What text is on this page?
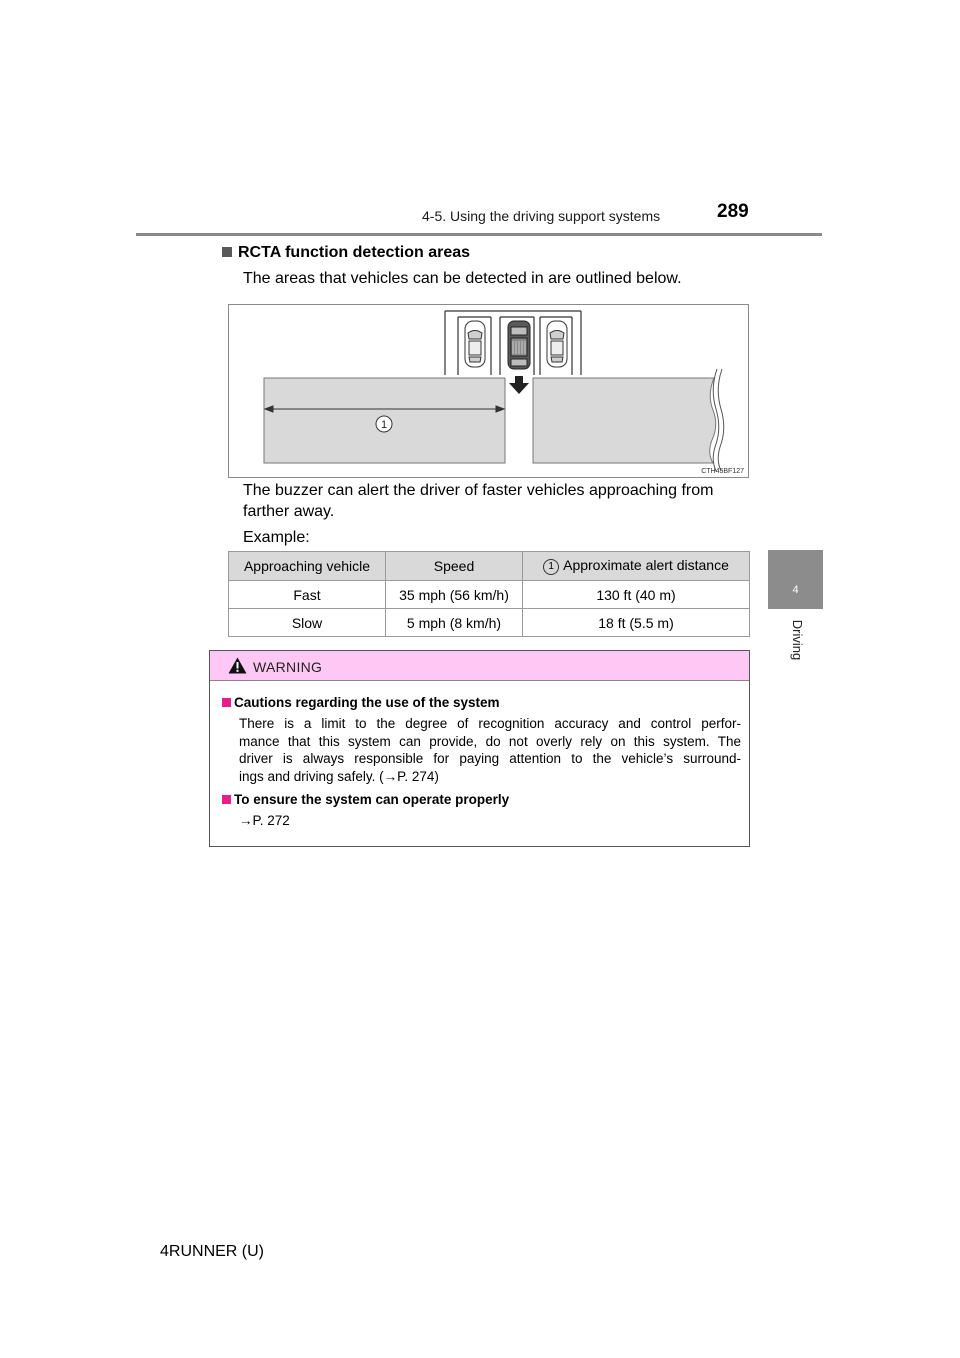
4-5. Using the driving support systems	289
4
Driving
RCTA function detection areas
The areas that vehicles can be detected in are outlined below.
1
CTH45BF127
The buzzer can alert the driver of faster vehicles approaching from
farther away.
Example:
Approaching vehicle	Speed	1 Approximate alert distance
Fast	35 mph (56 km/h)	130 ft (40 m)
Slow	5 mph (8 km/h)	18 ft (5.5 m)
WARNING
Cautions regarding the use of the system
There is a limit to the degree of recognition accuracy and control perfor-
mance that this system can provide, do not overly rely on this system. The
driver is always responsible for paying attention to the vehicle’s surround-
ings and driving safely. (→P. 274)
To ensure the system can operate properly
→P. 272
4RUNNER (U)
